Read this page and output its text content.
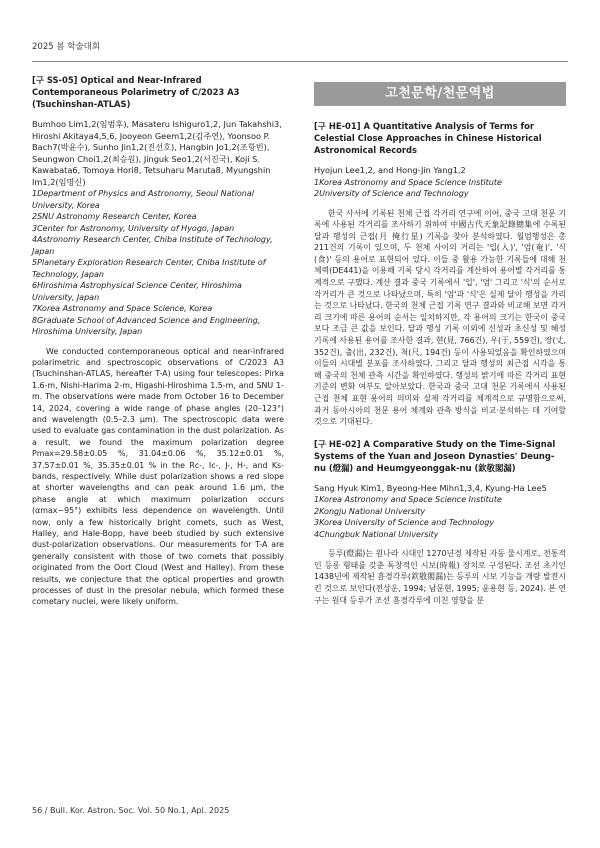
2025 봄 학술대회
[구 SS-05] Optical and Near-Infrared Contemporaneous Polarimetry of C/2023 A3 (Tsuchinshan-ATLAS)

Bumhoo Lim1,2(임범후), Masateru Ishiguro1,2, Jun Takahshi3, Hiroshi Akitaya4,5,6, Jooyeon Geem1,2(김주연), Yoonsoo P. Bach7(박윤수), Sunho Jin1,2(진선호), Hangbin Jo1,2(조항빈), Seungwon Choi1,2(최승원), Jinguk Seo1,2(서진국), Koji S. Kawabata6, Tomoya Hori8, Tetsuharu Maruta8, Myungshin Im1,2(임명신)

1Department of Physics and Astronomy, Seoul National University, Korea
2SNU Astronomy Research Center, Korea
3Center for Astronomy, University of Hyogo, Japan
4Astronomy Research Center, Chiba Institute of Technology, Japan
5Planetary Exploration Research Center, Chiba Institute of Technology, Japan
6Hiroshima Astrophysical Science Center, Hiroshima University, Japan
7Korea Astronomy and Space Science, Korea
8Graduate School of Advanced Science and Engineering, Hiroshima University, Japan

We conducted contemporaneous optical and near-infrared polarimetric and spectroscopic observations of C/2023 A3 (Tsuchinshan-ATLAS, hereafter T-A) using four telescopes: Pirka 1.6-m, Nishi-Harima 2-m, Higashi-Hiroshima 1.5-m, and SNU 1-m. The observations were made from October 16 to December 14, 2024, covering a wide range of phase angles (20–123°) and wavelength (0.5–2.3 μm). The spectroscopic data were used to evaluate gas contamination in the dust polarization. As a result, we found the maximum polarization degree Pmax=29.58±0.05 %, 31.04±0.06 %, 35.12±0.01 %, 37.57±0.01 %, 35.35±0.01 % in the Rc-, Ic-, J-, H-, and Ks-bands, respectively. While dust polarization shows a red slope at shorter wavelengths and can peak around 1.6 μm, the phase angle at which maximum polarization occurs (αmax~95°) exhibits less dependence on wavelength. Until now, only a few historically bright comets, such as West, Halley, and Hale-Bopp, have beeb studied by such extensive dust-polarization observations. Our measurements for T-A are generally consistent with those of two comets that possibly originated from the Oort Cloud (West and Halley). From these results, we conjecture that the optical properties and growth processes of dust in the presolar nebula, which formed these cometary nuclei, were likely uniform.

고천문학/천문역법
[구 HE-01] A Quantitative Analysis of Terms for Celestial Close Approaches in Chinese Historical Astronomical Records

Hyojun Lee1,2, and Hong-Jin Yang1,2

1Korea Astronomy and Space Science Institute
2University of Science and Technology

한국 사서에 기록된 천체 근접 각거리 연구에 이어, 중국 고대 천문 기록에 사용된 각거리를 조사하기 위하여 中國古代天象記錄總集에 수록된 달과 행성의 근접(月 掩行星) 기록을 찾아 분석하였다. 월엄행성은 총 211건의 기록이 있으며, 두 천체 사이의 거리는 '입(入)', '엄(奄)', '식(食)' 등의 용어로 표현되어 있다. 이들 중 활용 가능한 기록들에 대해 천체력(DE441)을 이용해 기록 당시 각거리를 계산하여 용어별 각거리를 통계적으로 구했다. 계산 결과 중국 기록에서 '입', '엄' 그리고 '식'의 순서로 각거리가 큰 것으로 나타났으며, 특히 '엄'과 '식'은 실제 달이 행성을 가리는 것으로 나타났다. 한국의 천체 근접 기록 연구 결과와 비교해 보면 각거리 크기에 따른 용어의 순서는 일치하지만, 각 용어의 크기는 한국이 중국보다 조금 큰 값을 보인다. 달과 행성 기록 이외에 신성과 초신성 및 혜성 기록에 사용된 용어를 조사한 결과, 현(見, 766건), 우(于, 559건), 장(丈, 352건), 출(出, 232건), 척(尺, 194건) 등이 사용되었음을 확인하였으며 이들의 시대별 분포를 조사하였다. 그리고 달과 행성의 최근접 시각을 통해 중국의 천체 관측 시간을 확인하였다. 행성의 밝기에 따른 각거리 표현 기준의 변화 여부도 알아보았다. 한국과 중국 고대 천문 기록에서 사용된 근접 천체 표현 용어의 의미와 실제 각거리를 체계적으로 규명함으로써, 과거 동아시아의 천문 용어 체계와 관측 방식을 비교·분석하는 데 기여할 것으로 기대된다.

[구 HE-02] A Comparative Study on the Time-Signal Systems of the Yuan and Joseon Dynasties' Deung-nu (燈漏) and Heumgyeonggak-nu (欽敬閣漏)

Sang Hyuk Kim1, Byeong-Hee Mihn1,3,4, Kyung-Ha Lee5

1Korea Astronomy and Space Science Institute
2Kongju National University
3Korea University of Science and Technology
4Chungbuk National University

등루(燈漏)는 원나라 시대인 1270년경 제작된 자동 물시계로, 전통적인 등롱 형태를 갖춘 독창적인 시보(時報) 장치로 구성된다. 조선 초기인 1438년에 제작된 흠경각루(欽敬閣漏)는 등루의 시보 기능을 개량 발전시킨 것으로 보인다(전상운, 1994; 남문현, 1995; 윤용현 등, 2024). 본 연구는 원대 등루가 조선 흠경각루에 미친 영향을 분

56 / Bull. Kor. Astron. Soc. Vol. 50 No.1, Apl. 2025
